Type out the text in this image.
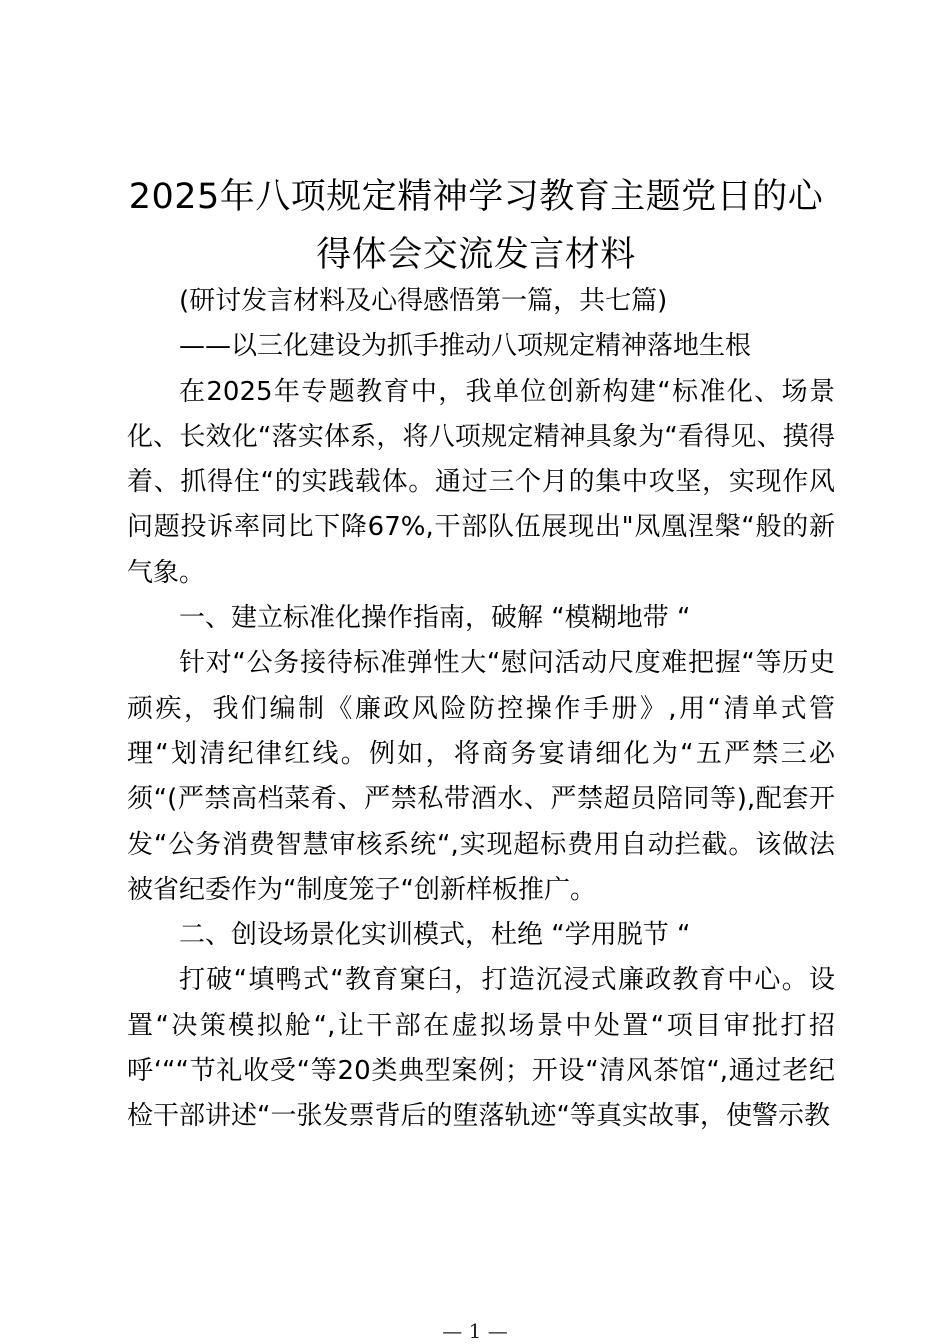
2025年八项规定精神学习教育主题党日的心得体会交流发言材料

(研讨发言材料及心得感悟第一篇，共七篇)

——以三化建设为抓手推动八项规定精神落地生根

在2025年专题教育中，我单位创新构建“标准化、场景化、长效化“落实体系，将八项规定精神具象为“看得见、摸得着、抓得住“的实践载体。通过三个月的集中攻坚，实现作风问题投诉率同比下降67%,干部队伍展现出"凤凰涅槃“般的新气象。

一、建立标准化操作指南，破解 “模糊地带 “

针对“公务接待标准弹性大“慰问活动尺度难把握“等历史顽疾，我们编制《廉政风险防控操作手册》,用“清单式管理“划清纪律红线。例如，将商务宴请细化为“五严禁三必须“(严禁高档菜肴、严禁私带酒水、严禁超员陪同等),配套开发“公务消费智慧审核系统“,实现超标费用自动拦截。该做法被省纪委作为“制度笼子“创新样板推广。

二、创设场景化实训模式，杜绝 “学用脱节 “

打破“填鸭式“教育窠臼，打造沉浸式廉政教育中心。设置“决策模拟舱“,让干部在虚拟场景中处置“项目审批打招呼‘““节礼收受“等20类典型案例；开设“清风茶馆“,通过老纪检干部讲述“一张发票背后的堕落轨迹“等真实故事，使警示教

— 1 —
